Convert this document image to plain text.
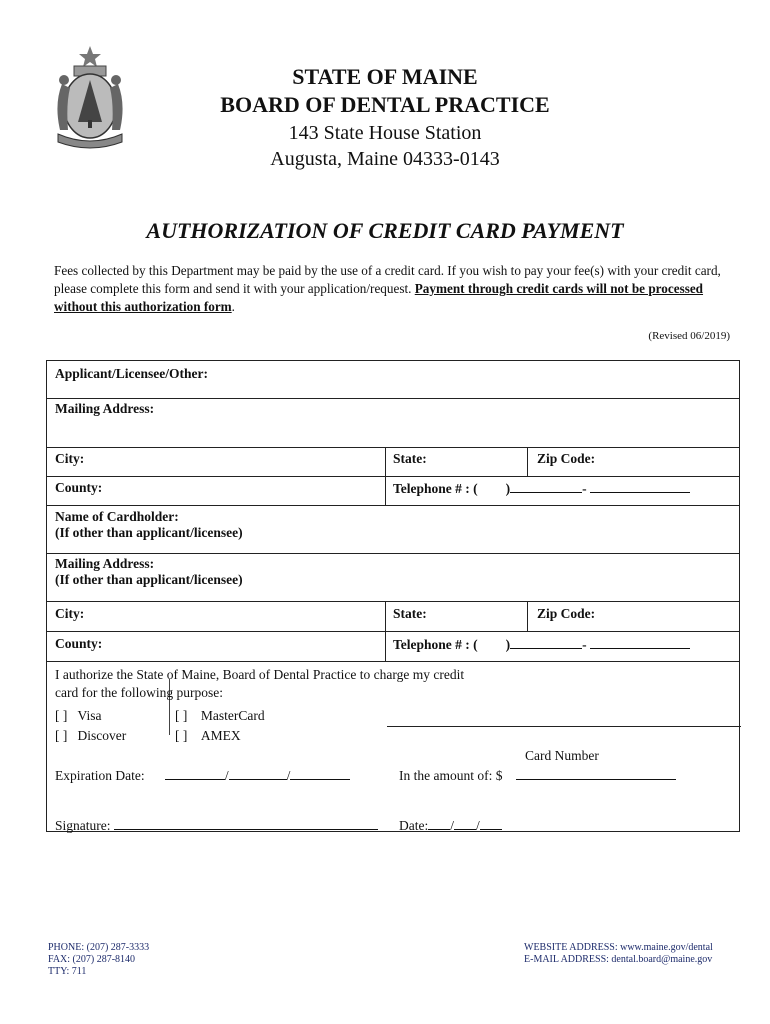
STATE OF MAINE
BOARD OF DENTAL PRACTICE
143 State House Station
Augusta, Maine 04333-0143
AUTHORIZATION OF CREDIT CARD PAYMENT
Fees collected by this Department may be paid by the use of a credit card. If you wish to pay your fee(s) with your credit card, please complete this form and send it with your application/request. Payment through credit cards will not be processed without this authorization form.
(Revised 06/2019)
Applicant/Licensee/Other:
Mailing Address:
City:	State:	Zip Code:
County:	Telephone # : ( )	-
Name of Cardholder:
(If other than applicant/licensee)
Mailing Address:
(If other than applicant/licensee)
City:	State:	Zip Code:
County:	Telephone # : ( )	-
I authorize the State of Maine, Board of Dental Practice to charge my credit
card for the following purpose:
[ ] Visa
[ ] Discover
[ ] MasterCard
[ ] AMEX
Card Number
Expiration Date:	/	/	In the amount of: $
Signature:	Date: / /
PHONE: (207) 287-3333
FAX: (207) 287-8140
TTY: 711
WEBSITE ADDRESS: www.maine.gov/dental
E-MAIL ADDRESS: dental.board@maine.gov
